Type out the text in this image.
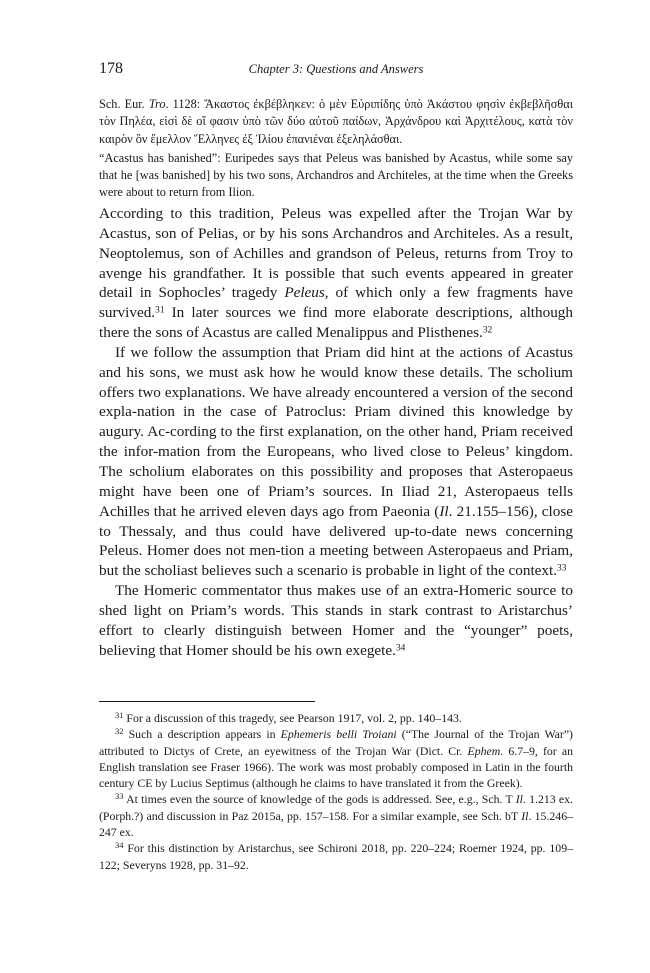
178	Chapter 3: Questions and Answers

Sch. Eur. Tro. 1128: Ἄκαστος ἐκβέβληκεν: ὁ μὲν Εὐριπίδης ὑπὸ Ἀκάστου φησὶν ἐκβεβλῆσθαι τὸν Πηλέα, εἰσὶ δὲ οἵ φασιν ὑπὸ τῶν δύο αὐτοῦ παίδων, Ἀρχάνδρου καὶ Ἀρχιτέλους, κατὰ τὸν καιρὸν ὃν ἔμελλον Ἕλληνες ἐξ Ἰλίου ἐπανιέναι ἐξεληλάσθαι.

“Acastus has banished”: Euripedes says that Peleus was banished by Acastus, while some say that he [was banished] by his two sons, Archandros and Architeles, at the time when the Greeks were about to return from Ilion.

According to this tradition, Peleus was expelled after the Trojan War by Acastus, son of Pelias, or by his sons Archandros and Architeles. As a result, Neoptolemus, son of Achilles and grandson of Peleus, returns from Troy to avenge his grandfather. It is possible that such events appeared in greater detail in Sophocles’ tragedy Peleus, of which only a few fragments have survived.$^{31}$ In later sources we find more elaborate descriptions, although there the sons of Acastus are called Menalippus and Plisthenes.$^{32}$

If we follow the assumption that Priam did hint at the actions of Acastus and his sons, we must ask how he would know these details. The scholium offers two explanations. We have already encountered a version of the second expla-nation in the case of Patroclus: Priam divined this knowledge by augury. Ac-cording to the first explanation, on the other hand, Priam received the infor-mation from the Europeans, who lived close to Peleus’ kingdom. The scholium elaborates on this possibility and proposes that Asteropaeus might have been one of Priam’s sources. In Iliad 21, Asteropaeus tells Achilles that he arrived eleven days ago from Paeonia (Il. 21.155–156), close to Thessaly, and thus could have delivered up-to-date news concerning Peleus. Homer does not men-tion a meeting between Asteropaeus and Priam, but the scholiast believes such a scenario is probable in light of the context.$^{33}$

The Homeric commentator thus makes use of an extra-Homeric source to shed light on Priam’s words. This stands in stark contrast to Aristarchus’ effort to clearly distinguish between Homer and the “younger” poets, believing that Homer should be his own exegete.$^{34}$

$^{31}$ For a discussion of this tragedy, see Pearson 1917, vol. 2, pp. 140–143.

$^{32}$ Such a description appears in Ephemeris belli Troiani (“The Journal of the Trojan War”) attributed to Dictys of Crete, an eyewitness of the Trojan War (Dict. Cr. Ephem. 6.7–9, for an English translation see Fraser 1966). The work was most probably composed in Latin in the fourth century CE by Lucius Septimus (although he claims to have translated it from the Greek).

$^{33}$ At times even the source of knowledge of the gods is addressed. See, e.g., Sch. T Il. 1.213 ex. (Porph.?) and discussion in Paz 2015a, pp. 157–158. For a similar example, see Sch. bT Il. 15.246–247 ex.

$^{34}$ For this distinction by Aristarchus, see Schironi 2018, pp. 220–224; Roemer 1924, pp. 109–122; Severyns 1928, pp. 31–92.
